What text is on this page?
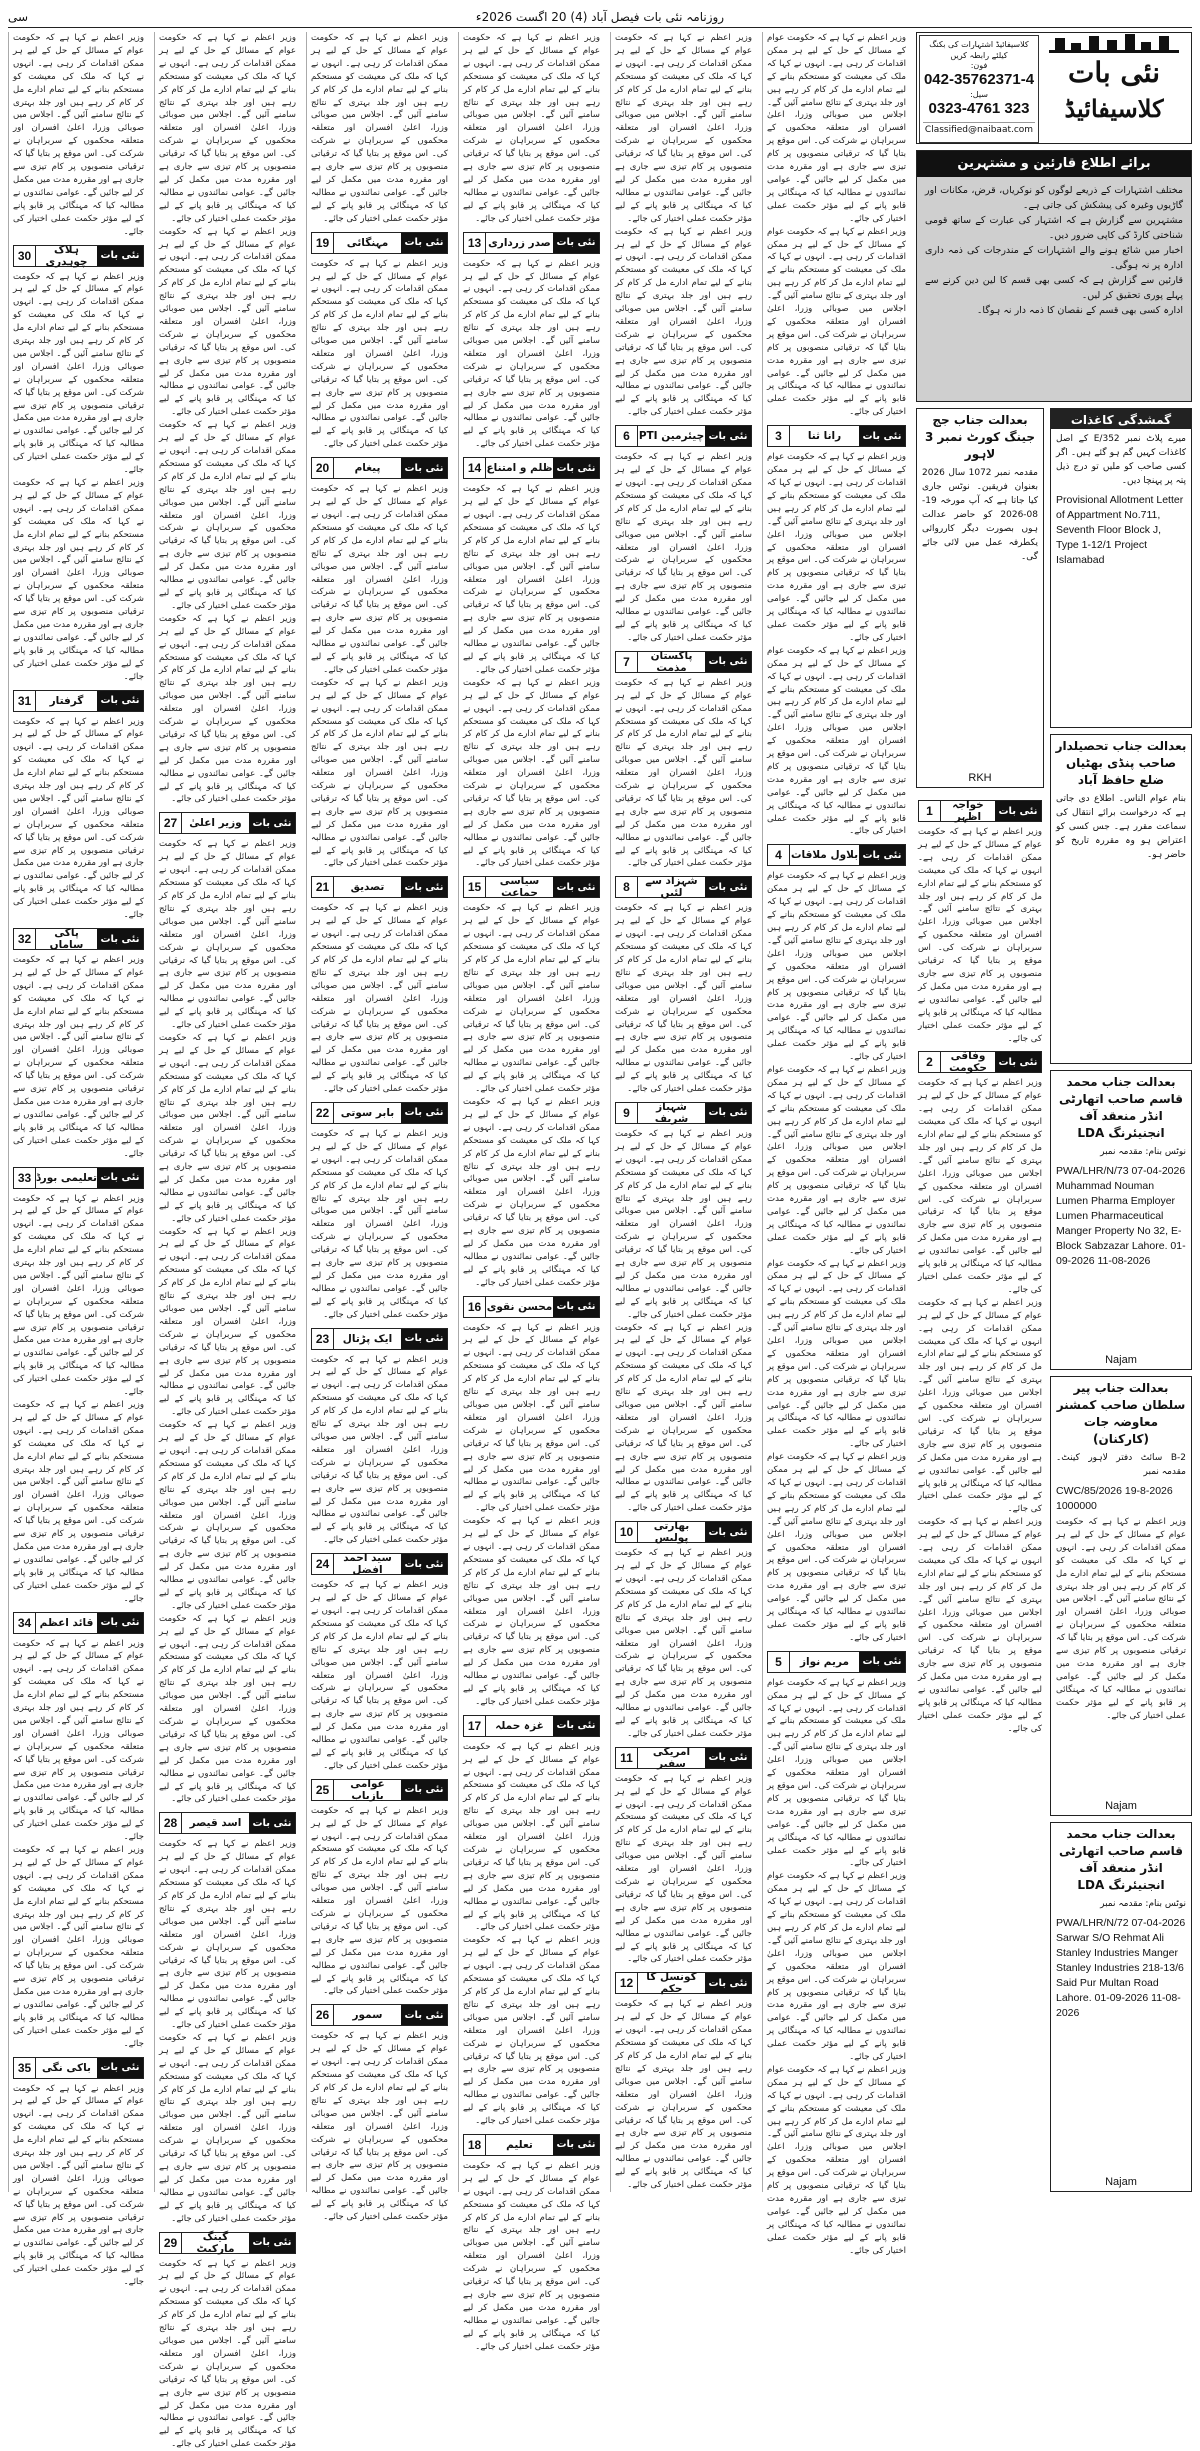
سی	روزنامہ نئی بات فیصل آباد (4) 20 اگست 2026ء
نئی بات
کلاسیفائیڈ
کلاسیفائیڈ اشتہارات کی بکنگ کیلئے رابطہ کریں
فون:
042-35762371-4
سیل:
0323-4761 323
Classified@naibaat.com
برائے اطلاع قارئین و مشتہرین
مختلف اشتہارات کے ذریعے لوگوں کو نوکریاں، قرض، مکانات اور گاڑیوں وغیرہ کی پیشکش کی جاتی ہے۔
مشتہرین سے گزارش ہے کہ اشتہار کی عبارت کے ساتھ قومی شناختی کارڈ کی کاپی ضرور دیں۔
اخبار میں شائع ہونے والے اشتہارات کے مندرجات کی ذمہ داری ادارہ پر نہ ہوگی۔
قارئین سے گزارش ہے کہ کسی بھی قسم کا لین دین کرنے سے پہلے پوری تحقیق کر لیں۔
ادارہ کسی بھی قسم کے نقصان کا ذمہ دار نہ ہوگا۔
گمشدگی کاغذات
میرے پلاٹ نمبر 352/E کے اصل کاغذات کہیں گم ہو گئے ہیں۔ اگر کسی صاحب کو ملیں تو درج ذیل پتہ پر پہنچا دیں۔
Provisional Allotment Letter of Appartment No.711, Seventh Floor Block J, Type 1-12/1 Project Islamabad
بعدالت جناب تحصیلدار صاحب پنڈی بھٹیاں ضلع حافظ آباد
بنام عوام الناس۔ اطلاع دی جاتی ہے کہ درخواست برائے انتقال کی سماعت مقرر ہے۔ جس کسی کو اعتراض ہو وہ مقررہ تاریخ کو حاضر ہو۔
بعدالت جناب محمد قاسم صاحب اتھارٹی انڈر منعقد آف انجنیئرنگ LDA
نوٹس بنام: مقدمہ نمبر
PWA/LHR/N/73 07-04-2026 Muhammad Nouman Lumen Pharma Employer Lumen Pharmaceutical Manger Property No 32, E-Block Sabzazar Lahore. 01-09-2026 11-08-2026
Najam
بعدالت جناب پیر سلطان صاحب کمشنر معاوضہ جات (کارکنان)
B-2 سائٹ دفتر لاہور کینٹ۔ مقدمہ نمبر
CWC/85/2026 19-8-2026 1000000
وزیر اعظم نے کہا ہے کہ حکومت عوام کے مسائل کے حل کے لیے ہر ممکن اقدامات کر رہی ہے۔ انہوں نے کہا کہ ملک کی معیشت کو مستحکم بنانے کے لیے تمام ادارے مل کر کام کر رہے ہیں اور جلد بہتری کے نتائج سامنے آئیں گے۔ اجلاس میں صوبائی وزرا، اعلیٰ افسران اور متعلقہ محکموں کے سربراہان نے شرکت کی۔ اس موقع پر بتایا گیا کہ ترقیاتی منصوبوں پر کام تیزی سے جاری ہے اور مقررہ مدت میں مکمل کر لیے جائیں گے۔ عوامی نمائندوں نے مطالبہ کیا کہ مہنگائی پر قابو پانے کے لیے مؤثر حکمت عملی اختیار کی جائے۔
Najam
بعدالت جناب محمد قاسم صاحب اتھارٹی انڈر منعقد آف انجنیئرنگ LDA
نوٹس بنام: مقدمہ نمبر
PWA/LHR/N/72 07-04-2026 Sarwar S/O Rehmat Ali Stanley Industries Manger Stanley Industries 218-13/6 Said Pur Multan Road Lahore. 01-09-2026 11-08-2026
Najam
بعدالت جناب جج جینگ کورٹ نمبر 3 لاہور
مقدمہ نمبر 1072 سال 2026 بعنوان فریقین۔ نوٹس جاری کیا جاتا ہے کہ آپ مورخہ 19-08-2026 کو حاضر عدالت ہوں بصورت دیگر کارروائی یکطرفہ عمل میں لائی جائے گی۔
RKH
نئی بات
خواجہ اظہر
1
وزیر اعظم نے کہا ہے کہ حکومت عوام کے مسائل کے حل کے لیے ہر ممکن اقدامات کر رہی ہے۔ انہوں نے کہا کہ ملک کی معیشت کو مستحکم بنانے کے لیے تمام ادارے مل کر کام کر رہے ہیں اور جلد بہتری کے نتائج سامنے آئیں گے۔ اجلاس میں صوبائی وزرا، اعلیٰ افسران اور متعلقہ محکموں کے سربراہان نے شرکت کی۔ اس موقع پر بتایا گیا کہ ترقیاتی منصوبوں پر کام تیزی سے جاری ہے اور مقررہ مدت میں مکمل کر لیے جائیں گے۔ عوامی نمائندوں نے مطالبہ کیا کہ مہنگائی پر قابو پانے کے لیے مؤثر حکمت عملی اختیار کی جائے۔
نئی بات
وفاقی حکومت
2
وزیر اعظم نے کہا ہے کہ حکومت عوام کے مسائل کے حل کے لیے ہر ممکن اقدامات کر رہی ہے۔ انہوں نے کہا کہ ملک کی معیشت کو مستحکم بنانے کے لیے تمام ادارے مل کر کام کر رہے ہیں اور جلد بہتری کے نتائج سامنے آئیں گے۔ اجلاس میں صوبائی وزرا، اعلیٰ افسران اور متعلقہ محکموں کے سربراہان نے شرکت کی۔ اس موقع پر بتایا گیا کہ ترقیاتی منصوبوں پر کام تیزی سے جاری ہے اور مقررہ مدت میں مکمل کر لیے جائیں گے۔ عوامی نمائندوں نے مطالبہ کیا کہ مہنگائی پر قابو پانے کے لیے مؤثر حکمت عملی اختیار کی جائے۔
وزیر اعظم نے کہا ہے کہ حکومت عوام کے مسائل کے حل کے لیے ہر ممکن اقدامات کر رہی ہے۔ انہوں نے کہا کہ ملک کی معیشت کو مستحکم بنانے کے لیے تمام ادارے مل کر کام کر رہے ہیں اور جلد بہتری کے نتائج سامنے آئیں گے۔ اجلاس میں صوبائی وزرا، اعلیٰ افسران اور متعلقہ محکموں کے سربراہان نے شرکت کی۔ اس موقع پر بتایا گیا کہ ترقیاتی منصوبوں پر کام تیزی سے جاری ہے اور مقررہ مدت میں مکمل کر لیے جائیں گے۔ عوامی نمائندوں نے مطالبہ کیا کہ مہنگائی پر قابو پانے کے لیے مؤثر حکمت عملی اختیار کی جائے۔
وزیر اعظم نے کہا ہے کہ حکومت عوام کے مسائل کے حل کے لیے ہر ممکن اقدامات کر رہی ہے۔ انہوں نے کہا کہ ملک کی معیشت کو مستحکم بنانے کے لیے تمام ادارے مل کر کام کر رہے ہیں اور جلد بہتری کے نتائج سامنے آئیں گے۔ اجلاس میں صوبائی وزرا، اعلیٰ افسران اور متعلقہ محکموں کے سربراہان نے شرکت کی۔ اس موقع پر بتایا گیا کہ ترقیاتی منصوبوں پر کام تیزی سے جاری ہے اور مقررہ مدت میں مکمل کر لیے جائیں گے۔ عوامی نمائندوں نے مطالبہ کیا کہ مہنگائی پر قابو پانے کے لیے مؤثر حکمت عملی اختیار کی جائے۔
وزیر اعظم نے کہا ہے کہ حکومت عوام کے مسائل کے حل کے لیے ہر ممکن اقدامات کر رہی ہے۔ انہوں نے کہا کہ ملک کی معیشت کو مستحکم بنانے کے لیے تمام ادارے مل کر کام کر رہے ہیں اور جلد بہتری کے نتائج سامنے آئیں گے۔ اجلاس میں صوبائی وزرا، اعلیٰ افسران اور متعلقہ محکموں کے سربراہان نے شرکت کی۔ اس موقع پر بتایا گیا کہ ترقیاتی منصوبوں پر کام تیزی سے جاری ہے اور مقررہ مدت میں مکمل کر لیے جائیں گے۔ عوامی نمائندوں نے مطالبہ کیا کہ مہنگائی پر قابو پانے کے لیے مؤثر حکمت عملی اختیار کی جائے۔
وزیر اعظم نے کہا ہے کہ حکومت عوام کے مسائل کے حل کے لیے ہر ممکن اقدامات کر رہی ہے۔ انہوں نے کہا کہ ملک کی معیشت کو مستحکم بنانے کے لیے تمام ادارے مل کر کام کر رہے ہیں اور جلد بہتری کے نتائج سامنے آئیں گے۔ اجلاس میں صوبائی وزرا، اعلیٰ افسران اور متعلقہ محکموں کے سربراہان نے شرکت کی۔ اس موقع پر بتایا گیا کہ ترقیاتی منصوبوں پر کام تیزی سے جاری ہے اور مقررہ مدت میں مکمل کر لیے جائیں گے۔ عوامی نمائندوں نے مطالبہ کیا کہ مہنگائی پر قابو پانے کے لیے مؤثر حکمت عملی اختیار کی جائے۔
نئی بات
رانا ثنا
3
وزیر اعظم نے کہا ہے کہ حکومت عوام کے مسائل کے حل کے لیے ہر ممکن اقدامات کر رہی ہے۔ انہوں نے کہا کہ ملک کی معیشت کو مستحکم بنانے کے لیے تمام ادارے مل کر کام کر رہے ہیں اور جلد بہتری کے نتائج سامنے آئیں گے۔ اجلاس میں صوبائی وزرا، اعلیٰ افسران اور متعلقہ محکموں کے سربراہان نے شرکت کی۔ اس موقع پر بتایا گیا کہ ترقیاتی منصوبوں پر کام تیزی سے جاری ہے اور مقررہ مدت میں مکمل کر لیے جائیں گے۔ عوامی نمائندوں نے مطالبہ کیا کہ مہنگائی پر قابو پانے کے لیے مؤثر حکمت عملی اختیار کی جائے۔
وزیر اعظم نے کہا ہے کہ حکومت عوام کے مسائل کے حل کے لیے ہر ممکن اقدامات کر رہی ہے۔ انہوں نے کہا کہ ملک کی معیشت کو مستحکم بنانے کے لیے تمام ادارے مل کر کام کر رہے ہیں اور جلد بہتری کے نتائج سامنے آئیں گے۔ اجلاس میں صوبائی وزرا، اعلیٰ افسران اور متعلقہ محکموں کے سربراہان نے شرکت کی۔ اس موقع پر بتایا گیا کہ ترقیاتی منصوبوں پر کام تیزی سے جاری ہے اور مقررہ مدت میں مکمل کر لیے جائیں گے۔ عوامی نمائندوں نے مطالبہ کیا کہ مہنگائی پر قابو پانے کے لیے مؤثر حکمت عملی اختیار کی جائے۔
نئی بات
بلاول ملاقات
4
وزیر اعظم نے کہا ہے کہ حکومت عوام کے مسائل کے حل کے لیے ہر ممکن اقدامات کر رہی ہے۔ انہوں نے کہا کہ ملک کی معیشت کو مستحکم بنانے کے لیے تمام ادارے مل کر کام کر رہے ہیں اور جلد بہتری کے نتائج سامنے آئیں گے۔ اجلاس میں صوبائی وزرا، اعلیٰ افسران اور متعلقہ محکموں کے سربراہان نے شرکت کی۔ اس موقع پر بتایا گیا کہ ترقیاتی منصوبوں پر کام تیزی سے جاری ہے اور مقررہ مدت میں مکمل کر لیے جائیں گے۔ عوامی نمائندوں نے مطالبہ کیا کہ مہنگائی پر قابو پانے کے لیے مؤثر حکمت عملی اختیار کی جائے۔
وزیر اعظم نے کہا ہے کہ حکومت عوام کے مسائل کے حل کے لیے ہر ممکن اقدامات کر رہی ہے۔ انہوں نے کہا کہ ملک کی معیشت کو مستحکم بنانے کے لیے تمام ادارے مل کر کام کر رہے ہیں اور جلد بہتری کے نتائج سامنے آئیں گے۔ اجلاس میں صوبائی وزرا، اعلیٰ افسران اور متعلقہ محکموں کے سربراہان نے شرکت کی۔ اس موقع پر بتایا گیا کہ ترقیاتی منصوبوں پر کام تیزی سے جاری ہے اور مقررہ مدت میں مکمل کر لیے جائیں گے۔ عوامی نمائندوں نے مطالبہ کیا کہ مہنگائی پر قابو پانے کے لیے مؤثر حکمت عملی اختیار کی جائے۔
وزیر اعظم نے کہا ہے کہ حکومت عوام کے مسائل کے حل کے لیے ہر ممکن اقدامات کر رہی ہے۔ انہوں نے کہا کہ ملک کی معیشت کو مستحکم بنانے کے لیے تمام ادارے مل کر کام کر رہے ہیں اور جلد بہتری کے نتائج سامنے آئیں گے۔ اجلاس میں صوبائی وزرا، اعلیٰ افسران اور متعلقہ محکموں کے سربراہان نے شرکت کی۔ اس موقع پر بتایا گیا کہ ترقیاتی منصوبوں پر کام تیزی سے جاری ہے اور مقررہ مدت میں مکمل کر لیے جائیں گے۔ عوامی نمائندوں نے مطالبہ کیا کہ مہنگائی پر قابو پانے کے لیے مؤثر حکمت عملی اختیار کی جائے۔
وزیر اعظم نے کہا ہے کہ حکومت عوام کے مسائل کے حل کے لیے ہر ممکن اقدامات کر رہی ہے۔ انہوں نے کہا کہ ملک کی معیشت کو مستحکم بنانے کے لیے تمام ادارے مل کر کام کر رہے ہیں اور جلد بہتری کے نتائج سامنے آئیں گے۔ اجلاس میں صوبائی وزرا، اعلیٰ افسران اور متعلقہ محکموں کے سربراہان نے شرکت کی۔ اس موقع پر بتایا گیا کہ ترقیاتی منصوبوں پر کام تیزی سے جاری ہے اور مقررہ مدت میں مکمل کر لیے جائیں گے۔ عوامی نمائندوں نے مطالبہ کیا کہ مہنگائی پر قابو پانے کے لیے مؤثر حکمت عملی اختیار کی جائے۔
نئی بات
مریم نواز
5
وزیر اعظم نے کہا ہے کہ حکومت عوام کے مسائل کے حل کے لیے ہر ممکن اقدامات کر رہی ہے۔ انہوں نے کہا کہ ملک کی معیشت کو مستحکم بنانے کے لیے تمام ادارے مل کر کام کر رہے ہیں اور جلد بہتری کے نتائج سامنے آئیں گے۔ اجلاس میں صوبائی وزرا، اعلیٰ افسران اور متعلقہ محکموں کے سربراہان نے شرکت کی۔ اس موقع پر بتایا گیا کہ ترقیاتی منصوبوں پر کام تیزی سے جاری ہے اور مقررہ مدت میں مکمل کر لیے جائیں گے۔ عوامی نمائندوں نے مطالبہ کیا کہ مہنگائی پر قابو پانے کے لیے مؤثر حکمت عملی اختیار کی جائے۔
وزیر اعظم نے کہا ہے کہ حکومت عوام کے مسائل کے حل کے لیے ہر ممکن اقدامات کر رہی ہے۔ انہوں نے کہا کہ ملک کی معیشت کو مستحکم بنانے کے لیے تمام ادارے مل کر کام کر رہے ہیں اور جلد بہتری کے نتائج سامنے آئیں گے۔ اجلاس میں صوبائی وزرا، اعلیٰ افسران اور متعلقہ محکموں کے سربراہان نے شرکت کی۔ اس موقع پر بتایا گیا کہ ترقیاتی منصوبوں پر کام تیزی سے جاری ہے اور مقررہ مدت میں مکمل کر لیے جائیں گے۔ عوامی نمائندوں نے مطالبہ کیا کہ مہنگائی پر قابو پانے کے لیے مؤثر حکمت عملی اختیار کی جائے۔
وزیر اعظم نے کہا ہے کہ حکومت عوام کے مسائل کے حل کے لیے ہر ممکن اقدامات کر رہی ہے۔ انہوں نے کہا کہ ملک کی معیشت کو مستحکم بنانے کے لیے تمام ادارے مل کر کام کر رہے ہیں اور جلد بہتری کے نتائج سامنے آئیں گے۔ اجلاس میں صوبائی وزرا، اعلیٰ افسران اور متعلقہ محکموں کے سربراہان نے شرکت کی۔ اس موقع پر بتایا گیا کہ ترقیاتی منصوبوں پر کام تیزی سے جاری ہے اور مقررہ مدت میں مکمل کر لیے جائیں گے۔ عوامی نمائندوں نے مطالبہ کیا کہ مہنگائی پر قابو پانے کے لیے مؤثر حکمت عملی اختیار کی جائے۔
وزیر اعظم نے کہا ہے کہ حکومت عوام کے مسائل کے حل کے لیے ہر ممکن اقدامات کر رہی ہے۔ انہوں نے کہا کہ ملک کی معیشت کو مستحکم بنانے کے لیے تمام ادارے مل کر کام کر رہے ہیں اور جلد بہتری کے نتائج سامنے آئیں گے۔ اجلاس میں صوبائی وزرا، اعلیٰ افسران اور متعلقہ محکموں کے سربراہان نے شرکت کی۔ اس موقع پر بتایا گیا کہ ترقیاتی منصوبوں پر کام تیزی سے جاری ہے اور مقررہ مدت میں مکمل کر لیے جائیں گے۔ عوامی نمائندوں نے مطالبہ کیا کہ مہنگائی پر قابو پانے کے لیے مؤثر حکمت عملی اختیار کی جائے۔
وزیر اعظم نے کہا ہے کہ حکومت عوام کے مسائل کے حل کے لیے ہر ممکن اقدامات کر رہی ہے۔ انہوں نے کہا کہ ملک کی معیشت کو مستحکم بنانے کے لیے تمام ادارے مل کر کام کر رہے ہیں اور جلد بہتری کے نتائج سامنے آئیں گے۔ اجلاس میں صوبائی وزرا، اعلیٰ افسران اور متعلقہ محکموں کے سربراہان نے شرکت کی۔ اس موقع پر بتایا گیا کہ ترقیاتی منصوبوں پر کام تیزی سے جاری ہے اور مقررہ مدت میں مکمل کر لیے جائیں گے۔ عوامی نمائندوں نے مطالبہ کیا کہ مہنگائی پر قابو پانے کے لیے مؤثر حکمت عملی اختیار کی جائے۔
نئی بات
چیئرمین PTI
6
وزیر اعظم نے کہا ہے کہ حکومت عوام کے مسائل کے حل کے لیے ہر ممکن اقدامات کر رہی ہے۔ انہوں نے کہا کہ ملک کی معیشت کو مستحکم بنانے کے لیے تمام ادارے مل کر کام کر رہے ہیں اور جلد بہتری کے نتائج سامنے آئیں گے۔ اجلاس میں صوبائی وزرا، اعلیٰ افسران اور متعلقہ محکموں کے سربراہان نے شرکت کی۔ اس موقع پر بتایا گیا کہ ترقیاتی منصوبوں پر کام تیزی سے جاری ہے اور مقررہ مدت میں مکمل کر لیے جائیں گے۔ عوامی نمائندوں نے مطالبہ کیا کہ مہنگائی پر قابو پانے کے لیے مؤثر حکمت عملی اختیار کی جائے۔
نئی بات
پاکستان مذمت
7
وزیر اعظم نے کہا ہے کہ حکومت عوام کے مسائل کے حل کے لیے ہر ممکن اقدامات کر رہی ہے۔ انہوں نے کہا کہ ملک کی معیشت کو مستحکم بنانے کے لیے تمام ادارے مل کر کام کر رہے ہیں اور جلد بہتری کے نتائج سامنے آئیں گے۔ اجلاس میں صوبائی وزرا، اعلیٰ افسران اور متعلقہ محکموں کے سربراہان نے شرکت کی۔ اس موقع پر بتایا گیا کہ ترقیاتی منصوبوں پر کام تیزی سے جاری ہے اور مقررہ مدت میں مکمل کر لیے جائیں گے۔ عوامی نمائندوں نے مطالبہ کیا کہ مہنگائی پر قابو پانے کے لیے مؤثر حکمت عملی اختیار کی جائے۔
نئی بات
شہزاد سے لئیں
8
وزیر اعظم نے کہا ہے کہ حکومت عوام کے مسائل کے حل کے لیے ہر ممکن اقدامات کر رہی ہے۔ انہوں نے کہا کہ ملک کی معیشت کو مستحکم بنانے کے لیے تمام ادارے مل کر کام کر رہے ہیں اور جلد بہتری کے نتائج سامنے آئیں گے۔ اجلاس میں صوبائی وزرا، اعلیٰ افسران اور متعلقہ محکموں کے سربراہان نے شرکت کی۔ اس موقع پر بتایا گیا کہ ترقیاتی منصوبوں پر کام تیزی سے جاری ہے اور مقررہ مدت میں مکمل کر لیے جائیں گے۔ عوامی نمائندوں نے مطالبہ کیا کہ مہنگائی پر قابو پانے کے لیے مؤثر حکمت عملی اختیار کی جائے۔
نئی بات
شہباز شریف
9
وزیر اعظم نے کہا ہے کہ حکومت عوام کے مسائل کے حل کے لیے ہر ممکن اقدامات کر رہی ہے۔ انہوں نے کہا کہ ملک کی معیشت کو مستحکم بنانے کے لیے تمام ادارے مل کر کام کر رہے ہیں اور جلد بہتری کے نتائج سامنے آئیں گے۔ اجلاس میں صوبائی وزرا، اعلیٰ افسران اور متعلقہ محکموں کے سربراہان نے شرکت کی۔ اس موقع پر بتایا گیا کہ ترقیاتی منصوبوں پر کام تیزی سے جاری ہے اور مقررہ مدت میں مکمل کر لیے جائیں گے۔ عوامی نمائندوں نے مطالبہ کیا کہ مہنگائی پر قابو پانے کے لیے مؤثر حکمت عملی اختیار کی جائے۔
وزیر اعظم نے کہا ہے کہ حکومت عوام کے مسائل کے حل کے لیے ہر ممکن اقدامات کر رہی ہے۔ انہوں نے کہا کہ ملک کی معیشت کو مستحکم بنانے کے لیے تمام ادارے مل کر کام کر رہے ہیں اور جلد بہتری کے نتائج سامنے آئیں گے۔ اجلاس میں صوبائی وزرا، اعلیٰ افسران اور متعلقہ محکموں کے سربراہان نے شرکت کی۔ اس موقع پر بتایا گیا کہ ترقیاتی منصوبوں پر کام تیزی سے جاری ہے اور مقررہ مدت میں مکمل کر لیے جائیں گے۔ عوامی نمائندوں نے مطالبہ کیا کہ مہنگائی پر قابو پانے کے لیے مؤثر حکمت عملی اختیار کی جائے۔
نئی بات
بھارتی پولیس
10
وزیر اعظم نے کہا ہے کہ حکومت عوام کے مسائل کے حل کے لیے ہر ممکن اقدامات کر رہی ہے۔ انہوں نے کہا کہ ملک کی معیشت کو مستحکم بنانے کے لیے تمام ادارے مل کر کام کر رہے ہیں اور جلد بہتری کے نتائج سامنے آئیں گے۔ اجلاس میں صوبائی وزرا، اعلیٰ افسران اور متعلقہ محکموں کے سربراہان نے شرکت کی۔ اس موقع پر بتایا گیا کہ ترقیاتی منصوبوں پر کام تیزی سے جاری ہے اور مقررہ مدت میں مکمل کر لیے جائیں گے۔ عوامی نمائندوں نے مطالبہ کیا کہ مہنگائی پر قابو پانے کے لیے مؤثر حکمت عملی اختیار کی جائے۔
نئی بات
امریکی سفیر
11
وزیر اعظم نے کہا ہے کہ حکومت عوام کے مسائل کے حل کے لیے ہر ممکن اقدامات کر رہی ہے۔ انہوں نے کہا کہ ملک کی معیشت کو مستحکم بنانے کے لیے تمام ادارے مل کر کام کر رہے ہیں اور جلد بہتری کے نتائج سامنے آئیں گے۔ اجلاس میں صوبائی وزرا، اعلیٰ افسران اور متعلقہ محکموں کے سربراہان نے شرکت کی۔ اس موقع پر بتایا گیا کہ ترقیاتی منصوبوں پر کام تیزی سے جاری ہے اور مقررہ مدت میں مکمل کر لیے جائیں گے۔ عوامی نمائندوں نے مطالبہ کیا کہ مہنگائی پر قابو پانے کے لیے مؤثر حکمت عملی اختیار کی جائے۔
نئی بات
کونسل کا حکم
12
وزیر اعظم نے کہا ہے کہ حکومت عوام کے مسائل کے حل کے لیے ہر ممکن اقدامات کر رہی ہے۔ انہوں نے کہا کہ ملک کی معیشت کو مستحکم بنانے کے لیے تمام ادارے مل کر کام کر رہے ہیں اور جلد بہتری کے نتائج سامنے آئیں گے۔ اجلاس میں صوبائی وزرا، اعلیٰ افسران اور متعلقہ محکموں کے سربراہان نے شرکت کی۔ اس موقع پر بتایا گیا کہ ترقیاتی منصوبوں پر کام تیزی سے جاری ہے اور مقررہ مدت میں مکمل کر لیے جائیں گے۔ عوامی نمائندوں نے مطالبہ کیا کہ مہنگائی پر قابو پانے کے لیے مؤثر حکمت عملی اختیار کی جائے۔
وزیر اعظم نے کہا ہے کہ حکومت عوام کے مسائل کے حل کے لیے ہر ممکن اقدامات کر رہی ہے۔ انہوں نے کہا کہ ملک کی معیشت کو مستحکم بنانے کے لیے تمام ادارے مل کر کام کر رہے ہیں اور جلد بہتری کے نتائج سامنے آئیں گے۔ اجلاس میں صوبائی وزرا، اعلیٰ افسران اور متعلقہ محکموں کے سربراہان نے شرکت کی۔ اس موقع پر بتایا گیا کہ ترقیاتی منصوبوں پر کام تیزی سے جاری ہے اور مقررہ مدت میں مکمل کر لیے جائیں گے۔ عوامی نمائندوں نے مطالبہ کیا کہ مہنگائی پر قابو پانے کے لیے مؤثر حکمت عملی اختیار کی جائے۔
نئی بات
صدر زرداری
13
وزیر اعظم نے کہا ہے کہ حکومت عوام کے مسائل کے حل کے لیے ہر ممکن اقدامات کر رہی ہے۔ انہوں نے کہا کہ ملک کی معیشت کو مستحکم بنانے کے لیے تمام ادارے مل کر کام کر رہے ہیں اور جلد بہتری کے نتائج سامنے آئیں گے۔ اجلاس میں صوبائی وزرا، اعلیٰ افسران اور متعلقہ محکموں کے سربراہان نے شرکت کی۔ اس موقع پر بتایا گیا کہ ترقیاتی منصوبوں پر کام تیزی سے جاری ہے اور مقررہ مدت میں مکمل کر لیے جائیں گے۔ عوامی نمائندوں نے مطالبہ کیا کہ مہنگائی پر قابو پانے کے لیے مؤثر حکمت عملی اختیار کی جائے۔
نئی بات
ظلم و امتناع
14
وزیر اعظم نے کہا ہے کہ حکومت عوام کے مسائل کے حل کے لیے ہر ممکن اقدامات کر رہی ہے۔ انہوں نے کہا کہ ملک کی معیشت کو مستحکم بنانے کے لیے تمام ادارے مل کر کام کر رہے ہیں اور جلد بہتری کے نتائج سامنے آئیں گے۔ اجلاس میں صوبائی وزرا، اعلیٰ افسران اور متعلقہ محکموں کے سربراہان نے شرکت کی۔ اس موقع پر بتایا گیا کہ ترقیاتی منصوبوں پر کام تیزی سے جاری ہے اور مقررہ مدت میں مکمل کر لیے جائیں گے۔ عوامی نمائندوں نے مطالبہ کیا کہ مہنگائی پر قابو پانے کے لیے مؤثر حکمت عملی اختیار کی جائے۔
وزیر اعظم نے کہا ہے کہ حکومت عوام کے مسائل کے حل کے لیے ہر ممکن اقدامات کر رہی ہے۔ انہوں نے کہا کہ ملک کی معیشت کو مستحکم بنانے کے لیے تمام ادارے مل کر کام کر رہے ہیں اور جلد بہتری کے نتائج سامنے آئیں گے۔ اجلاس میں صوبائی وزرا، اعلیٰ افسران اور متعلقہ محکموں کے سربراہان نے شرکت کی۔ اس موقع پر بتایا گیا کہ ترقیاتی منصوبوں پر کام تیزی سے جاری ہے اور مقررہ مدت میں مکمل کر لیے جائیں گے۔ عوامی نمائندوں نے مطالبہ کیا کہ مہنگائی پر قابو پانے کے لیے مؤثر حکمت عملی اختیار کی جائے۔
نئی بات
سیاسی جماعت
15
وزیر اعظم نے کہا ہے کہ حکومت عوام کے مسائل کے حل کے لیے ہر ممکن اقدامات کر رہی ہے۔ انہوں نے کہا کہ ملک کی معیشت کو مستحکم بنانے کے لیے تمام ادارے مل کر کام کر رہے ہیں اور جلد بہتری کے نتائج سامنے آئیں گے۔ اجلاس میں صوبائی وزرا، اعلیٰ افسران اور متعلقہ محکموں کے سربراہان نے شرکت کی۔ اس موقع پر بتایا گیا کہ ترقیاتی منصوبوں پر کام تیزی سے جاری ہے اور مقررہ مدت میں مکمل کر لیے جائیں گے۔ عوامی نمائندوں نے مطالبہ کیا کہ مہنگائی پر قابو پانے کے لیے مؤثر حکمت عملی اختیار کی جائے۔
وزیر اعظم نے کہا ہے کہ حکومت عوام کے مسائل کے حل کے لیے ہر ممکن اقدامات کر رہی ہے۔ انہوں نے کہا کہ ملک کی معیشت کو مستحکم بنانے کے لیے تمام ادارے مل کر کام کر رہے ہیں اور جلد بہتری کے نتائج سامنے آئیں گے۔ اجلاس میں صوبائی وزرا، اعلیٰ افسران اور متعلقہ محکموں کے سربراہان نے شرکت کی۔ اس موقع پر بتایا گیا کہ ترقیاتی منصوبوں پر کام تیزی سے جاری ہے اور مقررہ مدت میں مکمل کر لیے جائیں گے۔ عوامی نمائندوں نے مطالبہ کیا کہ مہنگائی پر قابو پانے کے لیے مؤثر حکمت عملی اختیار کی جائے۔
نئی بات
محسن نقوی
16
وزیر اعظم نے کہا ہے کہ حکومت عوام کے مسائل کے حل کے لیے ہر ممکن اقدامات کر رہی ہے۔ انہوں نے کہا کہ ملک کی معیشت کو مستحکم بنانے کے لیے تمام ادارے مل کر کام کر رہے ہیں اور جلد بہتری کے نتائج سامنے آئیں گے۔ اجلاس میں صوبائی وزرا، اعلیٰ افسران اور متعلقہ محکموں کے سربراہان نے شرکت کی۔ اس موقع پر بتایا گیا کہ ترقیاتی منصوبوں پر کام تیزی سے جاری ہے اور مقررہ مدت میں مکمل کر لیے جائیں گے۔ عوامی نمائندوں نے مطالبہ کیا کہ مہنگائی پر قابو پانے کے لیے مؤثر حکمت عملی اختیار کی جائے۔
وزیر اعظم نے کہا ہے کہ حکومت عوام کے مسائل کے حل کے لیے ہر ممکن اقدامات کر رہی ہے۔ انہوں نے کہا کہ ملک کی معیشت کو مستحکم بنانے کے لیے تمام ادارے مل کر کام کر رہے ہیں اور جلد بہتری کے نتائج سامنے آئیں گے۔ اجلاس میں صوبائی وزرا، اعلیٰ افسران اور متعلقہ محکموں کے سربراہان نے شرکت کی۔ اس موقع پر بتایا گیا کہ ترقیاتی منصوبوں پر کام تیزی سے جاری ہے اور مقررہ مدت میں مکمل کر لیے جائیں گے۔ عوامی نمائندوں نے مطالبہ کیا کہ مہنگائی پر قابو پانے کے لیے مؤثر حکمت عملی اختیار کی جائے۔
نئی بات
غزہ حملہ
17
وزیر اعظم نے کہا ہے کہ حکومت عوام کے مسائل کے حل کے لیے ہر ممکن اقدامات کر رہی ہے۔ انہوں نے کہا کہ ملک کی معیشت کو مستحکم بنانے کے لیے تمام ادارے مل کر کام کر رہے ہیں اور جلد بہتری کے نتائج سامنے آئیں گے۔ اجلاس میں صوبائی وزرا، اعلیٰ افسران اور متعلقہ محکموں کے سربراہان نے شرکت کی۔ اس موقع پر بتایا گیا کہ ترقیاتی منصوبوں پر کام تیزی سے جاری ہے اور مقررہ مدت میں مکمل کر لیے جائیں گے۔ عوامی نمائندوں نے مطالبہ کیا کہ مہنگائی پر قابو پانے کے لیے مؤثر حکمت عملی اختیار کی جائے۔
وزیر اعظم نے کہا ہے کہ حکومت عوام کے مسائل کے حل کے لیے ہر ممکن اقدامات کر رہی ہے۔ انہوں نے کہا کہ ملک کی معیشت کو مستحکم بنانے کے لیے تمام ادارے مل کر کام کر رہے ہیں اور جلد بہتری کے نتائج سامنے آئیں گے۔ اجلاس میں صوبائی وزرا، اعلیٰ افسران اور متعلقہ محکموں کے سربراہان نے شرکت کی۔ اس موقع پر بتایا گیا کہ ترقیاتی منصوبوں پر کام تیزی سے جاری ہے اور مقررہ مدت میں مکمل کر لیے جائیں گے۔ عوامی نمائندوں نے مطالبہ کیا کہ مہنگائی پر قابو پانے کے لیے مؤثر حکمت عملی اختیار کی جائے۔
نئی بات
تعلیم
18
وزیر اعظم نے کہا ہے کہ حکومت عوام کے مسائل کے حل کے لیے ہر ممکن اقدامات کر رہی ہے۔ انہوں نے کہا کہ ملک کی معیشت کو مستحکم بنانے کے لیے تمام ادارے مل کر کام کر رہے ہیں اور جلد بہتری کے نتائج سامنے آئیں گے۔ اجلاس میں صوبائی وزرا، اعلیٰ افسران اور متعلقہ محکموں کے سربراہان نے شرکت کی۔ اس موقع پر بتایا گیا کہ ترقیاتی منصوبوں پر کام تیزی سے جاری ہے اور مقررہ مدت میں مکمل کر لیے جائیں گے۔ عوامی نمائندوں نے مطالبہ کیا کہ مہنگائی پر قابو پانے کے لیے مؤثر حکمت عملی اختیار کی جائے۔
وزیر اعظم نے کہا ہے کہ حکومت عوام کے مسائل کے حل کے لیے ہر ممکن اقدامات کر رہی ہے۔ انہوں نے کہا کہ ملک کی معیشت کو مستحکم بنانے کے لیے تمام ادارے مل کر کام کر رہے ہیں اور جلد بہتری کے نتائج سامنے آئیں گے۔ اجلاس میں صوبائی وزرا، اعلیٰ افسران اور متعلقہ محکموں کے سربراہان نے شرکت کی۔ اس موقع پر بتایا گیا کہ ترقیاتی منصوبوں پر کام تیزی سے جاری ہے اور مقررہ مدت میں مکمل کر لیے جائیں گے۔ عوامی نمائندوں نے مطالبہ کیا کہ مہنگائی پر قابو پانے کے لیے مؤثر حکمت عملی اختیار کی جائے۔
نئی بات
مہنگائی
19
وزیر اعظم نے کہا ہے کہ حکومت عوام کے مسائل کے حل کے لیے ہر ممکن اقدامات کر رہی ہے۔ انہوں نے کہا کہ ملک کی معیشت کو مستحکم بنانے کے لیے تمام ادارے مل کر کام کر رہے ہیں اور جلد بہتری کے نتائج سامنے آئیں گے۔ اجلاس میں صوبائی وزرا، اعلیٰ افسران اور متعلقہ محکموں کے سربراہان نے شرکت کی۔ اس موقع پر بتایا گیا کہ ترقیاتی منصوبوں پر کام تیزی سے جاری ہے اور مقررہ مدت میں مکمل کر لیے جائیں گے۔ عوامی نمائندوں نے مطالبہ کیا کہ مہنگائی پر قابو پانے کے لیے مؤثر حکمت عملی اختیار کی جائے۔
نئی بات
پیغام
20
وزیر اعظم نے کہا ہے کہ حکومت عوام کے مسائل کے حل کے لیے ہر ممکن اقدامات کر رہی ہے۔ انہوں نے کہا کہ ملک کی معیشت کو مستحکم بنانے کے لیے تمام ادارے مل کر کام کر رہے ہیں اور جلد بہتری کے نتائج سامنے آئیں گے۔ اجلاس میں صوبائی وزرا، اعلیٰ افسران اور متعلقہ محکموں کے سربراہان نے شرکت کی۔ اس موقع پر بتایا گیا کہ ترقیاتی منصوبوں پر کام تیزی سے جاری ہے اور مقررہ مدت میں مکمل کر لیے جائیں گے۔ عوامی نمائندوں نے مطالبہ کیا کہ مہنگائی پر قابو پانے کے لیے مؤثر حکمت عملی اختیار کی جائے۔
وزیر اعظم نے کہا ہے کہ حکومت عوام کے مسائل کے حل کے لیے ہر ممکن اقدامات کر رہی ہے۔ انہوں نے کہا کہ ملک کی معیشت کو مستحکم بنانے کے لیے تمام ادارے مل کر کام کر رہے ہیں اور جلد بہتری کے نتائج سامنے آئیں گے۔ اجلاس میں صوبائی وزرا، اعلیٰ افسران اور متعلقہ محکموں کے سربراہان نے شرکت کی۔ اس موقع پر بتایا گیا کہ ترقیاتی منصوبوں پر کام تیزی سے جاری ہے اور مقررہ مدت میں مکمل کر لیے جائیں گے۔ عوامی نمائندوں نے مطالبہ کیا کہ مہنگائی پر قابو پانے کے لیے مؤثر حکمت عملی اختیار کی جائے۔
نئی بات
تصدیق
21
وزیر اعظم نے کہا ہے کہ حکومت عوام کے مسائل کے حل کے لیے ہر ممکن اقدامات کر رہی ہے۔ انہوں نے کہا کہ ملک کی معیشت کو مستحکم بنانے کے لیے تمام ادارے مل کر کام کر رہے ہیں اور جلد بہتری کے نتائج سامنے آئیں گے۔ اجلاس میں صوبائی وزرا، اعلیٰ افسران اور متعلقہ محکموں کے سربراہان نے شرکت کی۔ اس موقع پر بتایا گیا کہ ترقیاتی منصوبوں پر کام تیزی سے جاری ہے اور مقررہ مدت میں مکمل کر لیے جائیں گے۔ عوامی نمائندوں نے مطالبہ کیا کہ مہنگائی پر قابو پانے کے لیے مؤثر حکمت عملی اختیار کی جائے۔
نئی بات
بابر سوتی
22
وزیر اعظم نے کہا ہے کہ حکومت عوام کے مسائل کے حل کے لیے ہر ممکن اقدامات کر رہی ہے۔ انہوں نے کہا کہ ملک کی معیشت کو مستحکم بنانے کے لیے تمام ادارے مل کر کام کر رہے ہیں اور جلد بہتری کے نتائج سامنے آئیں گے۔ اجلاس میں صوبائی وزرا، اعلیٰ افسران اور متعلقہ محکموں کے سربراہان نے شرکت کی۔ اس موقع پر بتایا گیا کہ ترقیاتی منصوبوں پر کام تیزی سے جاری ہے اور مقررہ مدت میں مکمل کر لیے جائیں گے۔ عوامی نمائندوں نے مطالبہ کیا کہ مہنگائی پر قابو پانے کے لیے مؤثر حکمت عملی اختیار کی جائے۔
نئی بات
ایک پڑتال
23
وزیر اعظم نے کہا ہے کہ حکومت عوام کے مسائل کے حل کے لیے ہر ممکن اقدامات کر رہی ہے۔ انہوں نے کہا کہ ملک کی معیشت کو مستحکم بنانے کے لیے تمام ادارے مل کر کام کر رہے ہیں اور جلد بہتری کے نتائج سامنے آئیں گے۔ اجلاس میں صوبائی وزرا، اعلیٰ افسران اور متعلقہ محکموں کے سربراہان نے شرکت کی۔ اس موقع پر بتایا گیا کہ ترقیاتی منصوبوں پر کام تیزی سے جاری ہے اور مقررہ مدت میں مکمل کر لیے جائیں گے۔ عوامی نمائندوں نے مطالبہ کیا کہ مہنگائی پر قابو پانے کے لیے مؤثر حکمت عملی اختیار کی جائے۔
نئی بات
سید احمد افضل
24
وزیر اعظم نے کہا ہے کہ حکومت عوام کے مسائل کے حل کے لیے ہر ممکن اقدامات کر رہی ہے۔ انہوں نے کہا کہ ملک کی معیشت کو مستحکم بنانے کے لیے تمام ادارے مل کر کام کر رہے ہیں اور جلد بہتری کے نتائج سامنے آئیں گے۔ اجلاس میں صوبائی وزرا، اعلیٰ افسران اور متعلقہ محکموں کے سربراہان نے شرکت کی۔ اس موقع پر بتایا گیا کہ ترقیاتی منصوبوں پر کام تیزی سے جاری ہے اور مقررہ مدت میں مکمل کر لیے جائیں گے۔ عوامی نمائندوں نے مطالبہ کیا کہ مہنگائی پر قابو پانے کے لیے مؤثر حکمت عملی اختیار کی جائے۔
نئی بات
عوامی بازیاب
25
وزیر اعظم نے کہا ہے کہ حکومت عوام کے مسائل کے حل کے لیے ہر ممکن اقدامات کر رہی ہے۔ انہوں نے کہا کہ ملک کی معیشت کو مستحکم بنانے کے لیے تمام ادارے مل کر کام کر رہے ہیں اور جلد بہتری کے نتائج سامنے آئیں گے۔ اجلاس میں صوبائی وزرا، اعلیٰ افسران اور متعلقہ محکموں کے سربراہان نے شرکت کی۔ اس موقع پر بتایا گیا کہ ترقیاتی منصوبوں پر کام تیزی سے جاری ہے اور مقررہ مدت میں مکمل کر لیے جائیں گے۔ عوامی نمائندوں نے مطالبہ کیا کہ مہنگائی پر قابو پانے کے لیے مؤثر حکمت عملی اختیار کی جائے۔
نئی بات
سمور
26
وزیر اعظم نے کہا ہے کہ حکومت عوام کے مسائل کے حل کے لیے ہر ممکن اقدامات کر رہی ہے۔ انہوں نے کہا کہ ملک کی معیشت کو مستحکم بنانے کے لیے تمام ادارے مل کر کام کر رہے ہیں اور جلد بہتری کے نتائج سامنے آئیں گے۔ اجلاس میں صوبائی وزرا، اعلیٰ افسران اور متعلقہ محکموں کے سربراہان نے شرکت کی۔ اس موقع پر بتایا گیا کہ ترقیاتی منصوبوں پر کام تیزی سے جاری ہے اور مقررہ مدت میں مکمل کر لیے جائیں گے۔ عوامی نمائندوں نے مطالبہ کیا کہ مہنگائی پر قابو پانے کے لیے مؤثر حکمت عملی اختیار کی جائے۔
وزیر اعظم نے کہا ہے کہ حکومت عوام کے مسائل کے حل کے لیے ہر ممکن اقدامات کر رہی ہے۔ انہوں نے کہا کہ ملک کی معیشت کو مستحکم بنانے کے لیے تمام ادارے مل کر کام کر رہے ہیں اور جلد بہتری کے نتائج سامنے آئیں گے۔ اجلاس میں صوبائی وزرا، اعلیٰ افسران اور متعلقہ محکموں کے سربراہان نے شرکت کی۔ اس موقع پر بتایا گیا کہ ترقیاتی منصوبوں پر کام تیزی سے جاری ہے اور مقررہ مدت میں مکمل کر لیے جائیں گے۔ عوامی نمائندوں نے مطالبہ کیا کہ مہنگائی پر قابو پانے کے لیے مؤثر حکمت عملی اختیار کی جائے۔
وزیر اعظم نے کہا ہے کہ حکومت عوام کے مسائل کے حل کے لیے ہر ممکن اقدامات کر رہی ہے۔ انہوں نے کہا کہ ملک کی معیشت کو مستحکم بنانے کے لیے تمام ادارے مل کر کام کر رہے ہیں اور جلد بہتری کے نتائج سامنے آئیں گے۔ اجلاس میں صوبائی وزرا، اعلیٰ افسران اور متعلقہ محکموں کے سربراہان نے شرکت کی۔ اس موقع پر بتایا گیا کہ ترقیاتی منصوبوں پر کام تیزی سے جاری ہے اور مقررہ مدت میں مکمل کر لیے جائیں گے۔ عوامی نمائندوں نے مطالبہ کیا کہ مہنگائی پر قابو پانے کے لیے مؤثر حکمت عملی اختیار کی جائے۔
وزیر اعظم نے کہا ہے کہ حکومت عوام کے مسائل کے حل کے لیے ہر ممکن اقدامات کر رہی ہے۔ انہوں نے کہا کہ ملک کی معیشت کو مستحکم بنانے کے لیے تمام ادارے مل کر کام کر رہے ہیں اور جلد بہتری کے نتائج سامنے آئیں گے۔ اجلاس میں صوبائی وزرا، اعلیٰ افسران اور متعلقہ محکموں کے سربراہان نے شرکت کی۔ اس موقع پر بتایا گیا کہ ترقیاتی منصوبوں پر کام تیزی سے جاری ہے اور مقررہ مدت میں مکمل کر لیے جائیں گے۔ عوامی نمائندوں نے مطالبہ کیا کہ مہنگائی پر قابو پانے کے لیے مؤثر حکمت عملی اختیار کی جائے۔
وزیر اعظم نے کہا ہے کہ حکومت عوام کے مسائل کے حل کے لیے ہر ممکن اقدامات کر رہی ہے۔ انہوں نے کہا کہ ملک کی معیشت کو مستحکم بنانے کے لیے تمام ادارے مل کر کام کر رہے ہیں اور جلد بہتری کے نتائج سامنے آئیں گے۔ اجلاس میں صوبائی وزرا، اعلیٰ افسران اور متعلقہ محکموں کے سربراہان نے شرکت کی۔ اس موقع پر بتایا گیا کہ ترقیاتی منصوبوں پر کام تیزی سے جاری ہے اور مقررہ مدت میں مکمل کر لیے جائیں گے۔ عوامی نمائندوں نے مطالبہ کیا کہ مہنگائی پر قابو پانے کے لیے مؤثر حکمت عملی اختیار کی جائے۔
نئی بات
وزیر اعلیٰ
27
وزیر اعظم نے کہا ہے کہ حکومت عوام کے مسائل کے حل کے لیے ہر ممکن اقدامات کر رہی ہے۔ انہوں نے کہا کہ ملک کی معیشت کو مستحکم بنانے کے لیے تمام ادارے مل کر کام کر رہے ہیں اور جلد بہتری کے نتائج سامنے آئیں گے۔ اجلاس میں صوبائی وزرا، اعلیٰ افسران اور متعلقہ محکموں کے سربراہان نے شرکت کی۔ اس موقع پر بتایا گیا کہ ترقیاتی منصوبوں پر کام تیزی سے جاری ہے اور مقررہ مدت میں مکمل کر لیے جائیں گے۔ عوامی نمائندوں نے مطالبہ کیا کہ مہنگائی پر قابو پانے کے لیے مؤثر حکمت عملی اختیار کی جائے۔
وزیر اعظم نے کہا ہے کہ حکومت عوام کے مسائل کے حل کے لیے ہر ممکن اقدامات کر رہی ہے۔ انہوں نے کہا کہ ملک کی معیشت کو مستحکم بنانے کے لیے تمام ادارے مل کر کام کر رہے ہیں اور جلد بہتری کے نتائج سامنے آئیں گے۔ اجلاس میں صوبائی وزرا، اعلیٰ افسران اور متعلقہ محکموں کے سربراہان نے شرکت کی۔ اس موقع پر بتایا گیا کہ ترقیاتی منصوبوں پر کام تیزی سے جاری ہے اور مقررہ مدت میں مکمل کر لیے جائیں گے۔ عوامی نمائندوں نے مطالبہ کیا کہ مہنگائی پر قابو پانے کے لیے مؤثر حکمت عملی اختیار کی جائے۔
وزیر اعظم نے کہا ہے کہ حکومت عوام کے مسائل کے حل کے لیے ہر ممکن اقدامات کر رہی ہے۔ انہوں نے کہا کہ ملک کی معیشت کو مستحکم بنانے کے لیے تمام ادارے مل کر کام کر رہے ہیں اور جلد بہتری کے نتائج سامنے آئیں گے۔ اجلاس میں صوبائی وزرا، اعلیٰ افسران اور متعلقہ محکموں کے سربراہان نے شرکت کی۔ اس موقع پر بتایا گیا کہ ترقیاتی منصوبوں پر کام تیزی سے جاری ہے اور مقررہ مدت میں مکمل کر لیے جائیں گے۔ عوامی نمائندوں نے مطالبہ کیا کہ مہنگائی پر قابو پانے کے لیے مؤثر حکمت عملی اختیار کی جائے۔
وزیر اعظم نے کہا ہے کہ حکومت عوام کے مسائل کے حل کے لیے ہر ممکن اقدامات کر رہی ہے۔ انہوں نے کہا کہ ملک کی معیشت کو مستحکم بنانے کے لیے تمام ادارے مل کر کام کر رہے ہیں اور جلد بہتری کے نتائج سامنے آئیں گے۔ اجلاس میں صوبائی وزرا، اعلیٰ افسران اور متعلقہ محکموں کے سربراہان نے شرکت کی۔ اس موقع پر بتایا گیا کہ ترقیاتی منصوبوں پر کام تیزی سے جاری ہے اور مقررہ مدت میں مکمل کر لیے جائیں گے۔ عوامی نمائندوں نے مطالبہ کیا کہ مہنگائی پر قابو پانے کے لیے مؤثر حکمت عملی اختیار کی جائے۔
وزیر اعظم نے کہا ہے کہ حکومت عوام کے مسائل کے حل کے لیے ہر ممکن اقدامات کر رہی ہے۔ انہوں نے کہا کہ ملک کی معیشت کو مستحکم بنانے کے لیے تمام ادارے مل کر کام کر رہے ہیں اور جلد بہتری کے نتائج سامنے آئیں گے۔ اجلاس میں صوبائی وزرا، اعلیٰ افسران اور متعلقہ محکموں کے سربراہان نے شرکت کی۔ اس موقع پر بتایا گیا کہ ترقیاتی منصوبوں پر کام تیزی سے جاری ہے اور مقررہ مدت میں مکمل کر لیے جائیں گے۔ عوامی نمائندوں نے مطالبہ کیا کہ مہنگائی پر قابو پانے کے لیے مؤثر حکمت عملی اختیار کی جائے۔
نئی بات
اسد قیصر
28
وزیر اعظم نے کہا ہے کہ حکومت عوام کے مسائل کے حل کے لیے ہر ممکن اقدامات کر رہی ہے۔ انہوں نے کہا کہ ملک کی معیشت کو مستحکم بنانے کے لیے تمام ادارے مل کر کام کر رہے ہیں اور جلد بہتری کے نتائج سامنے آئیں گے۔ اجلاس میں صوبائی وزرا، اعلیٰ افسران اور متعلقہ محکموں کے سربراہان نے شرکت کی۔ اس موقع پر بتایا گیا کہ ترقیاتی منصوبوں پر کام تیزی سے جاری ہے اور مقررہ مدت میں مکمل کر لیے جائیں گے۔ عوامی نمائندوں نے مطالبہ کیا کہ مہنگائی پر قابو پانے کے لیے مؤثر حکمت عملی اختیار کی جائے۔
وزیر اعظم نے کہا ہے کہ حکومت عوام کے مسائل کے حل کے لیے ہر ممکن اقدامات کر رہی ہے۔ انہوں نے کہا کہ ملک کی معیشت کو مستحکم بنانے کے لیے تمام ادارے مل کر کام کر رہے ہیں اور جلد بہتری کے نتائج سامنے آئیں گے۔ اجلاس میں صوبائی وزرا، اعلیٰ افسران اور متعلقہ محکموں کے سربراہان نے شرکت کی۔ اس موقع پر بتایا گیا کہ ترقیاتی منصوبوں پر کام تیزی سے جاری ہے اور مقررہ مدت میں مکمل کر لیے جائیں گے۔ عوامی نمائندوں نے مطالبہ کیا کہ مہنگائی پر قابو پانے کے لیے مؤثر حکمت عملی اختیار کی جائے۔
نئی بات
گینگ مارکیٹ
29
وزیر اعظم نے کہا ہے کہ حکومت عوام کے مسائل کے حل کے لیے ہر ممکن اقدامات کر رہی ہے۔ انہوں نے کہا کہ ملک کی معیشت کو مستحکم بنانے کے لیے تمام ادارے مل کر کام کر رہے ہیں اور جلد بہتری کے نتائج سامنے آئیں گے۔ اجلاس میں صوبائی وزرا، اعلیٰ افسران اور متعلقہ محکموں کے سربراہان نے شرکت کی۔ اس موقع پر بتایا گیا کہ ترقیاتی منصوبوں پر کام تیزی سے جاری ہے اور مقررہ مدت میں مکمل کر لیے جائیں گے۔ عوامی نمائندوں نے مطالبہ کیا کہ مہنگائی پر قابو پانے کے لیے مؤثر حکمت عملی اختیار کی جائے۔
وزیر اعظم نے کہا ہے کہ حکومت عوام کے مسائل کے حل کے لیے ہر ممکن اقدامات کر رہی ہے۔ انہوں نے کہا کہ ملک کی معیشت کو مستحکم بنانے کے لیے تمام ادارے مل کر کام کر رہے ہیں اور جلد بہتری کے نتائج سامنے آئیں گے۔ اجلاس میں صوبائی وزرا، اعلیٰ افسران اور متعلقہ محکموں کے سربراہان نے شرکت کی۔ اس موقع پر بتایا گیا کہ ترقیاتی منصوبوں پر کام تیزی سے جاری ہے اور مقررہ مدت میں مکمل کر لیے جائیں گے۔ عوامی نمائندوں نے مطالبہ کیا کہ مہنگائی پر قابو پانے کے لیے مؤثر حکمت عملی اختیار کی جائے۔
نئی بات
ہلاک چوہدری
30
وزیر اعظم نے کہا ہے کہ حکومت عوام کے مسائل کے حل کے لیے ہر ممکن اقدامات کر رہی ہے۔ انہوں نے کہا کہ ملک کی معیشت کو مستحکم بنانے کے لیے تمام ادارے مل کر کام کر رہے ہیں اور جلد بہتری کے نتائج سامنے آئیں گے۔ اجلاس میں صوبائی وزرا، اعلیٰ افسران اور متعلقہ محکموں کے سربراہان نے شرکت کی۔ اس موقع پر بتایا گیا کہ ترقیاتی منصوبوں پر کام تیزی سے جاری ہے اور مقررہ مدت میں مکمل کر لیے جائیں گے۔ عوامی نمائندوں نے مطالبہ کیا کہ مہنگائی پر قابو پانے کے لیے مؤثر حکمت عملی اختیار کی جائے۔
وزیر اعظم نے کہا ہے کہ حکومت عوام کے مسائل کے حل کے لیے ہر ممکن اقدامات کر رہی ہے۔ انہوں نے کہا کہ ملک کی معیشت کو مستحکم بنانے کے لیے تمام ادارے مل کر کام کر رہے ہیں اور جلد بہتری کے نتائج سامنے آئیں گے۔ اجلاس میں صوبائی وزرا، اعلیٰ افسران اور متعلقہ محکموں کے سربراہان نے شرکت کی۔ اس موقع پر بتایا گیا کہ ترقیاتی منصوبوں پر کام تیزی سے جاری ہے اور مقررہ مدت میں مکمل کر لیے جائیں گے۔ عوامی نمائندوں نے مطالبہ کیا کہ مہنگائی پر قابو پانے کے لیے مؤثر حکمت عملی اختیار کی جائے۔
نئی بات
گرفتار
31
وزیر اعظم نے کہا ہے کہ حکومت عوام کے مسائل کے حل کے لیے ہر ممکن اقدامات کر رہی ہے۔ انہوں نے کہا کہ ملک کی معیشت کو مستحکم بنانے کے لیے تمام ادارے مل کر کام کر رہے ہیں اور جلد بہتری کے نتائج سامنے آئیں گے۔ اجلاس میں صوبائی وزرا، اعلیٰ افسران اور متعلقہ محکموں کے سربراہان نے شرکت کی۔ اس موقع پر بتایا گیا کہ ترقیاتی منصوبوں پر کام تیزی سے جاری ہے اور مقررہ مدت میں مکمل کر لیے جائیں گے۔ عوامی نمائندوں نے مطالبہ کیا کہ مہنگائی پر قابو پانے کے لیے مؤثر حکمت عملی اختیار کی جائے۔
نئی بات
پاکی ساماں
32
وزیر اعظم نے کہا ہے کہ حکومت عوام کے مسائل کے حل کے لیے ہر ممکن اقدامات کر رہی ہے۔ انہوں نے کہا کہ ملک کی معیشت کو مستحکم بنانے کے لیے تمام ادارے مل کر کام کر رہے ہیں اور جلد بہتری کے نتائج سامنے آئیں گے۔ اجلاس میں صوبائی وزرا، اعلیٰ افسران اور متعلقہ محکموں کے سربراہان نے شرکت کی۔ اس موقع پر بتایا گیا کہ ترقیاتی منصوبوں پر کام تیزی سے جاری ہے اور مقررہ مدت میں مکمل کر لیے جائیں گے۔ عوامی نمائندوں نے مطالبہ کیا کہ مہنگائی پر قابو پانے کے لیے مؤثر حکمت عملی اختیار کی جائے۔
نئی بات
تعلیمی بورڈ
33
وزیر اعظم نے کہا ہے کہ حکومت عوام کے مسائل کے حل کے لیے ہر ممکن اقدامات کر رہی ہے۔ انہوں نے کہا کہ ملک کی معیشت کو مستحکم بنانے کے لیے تمام ادارے مل کر کام کر رہے ہیں اور جلد بہتری کے نتائج سامنے آئیں گے۔ اجلاس میں صوبائی وزرا، اعلیٰ افسران اور متعلقہ محکموں کے سربراہان نے شرکت کی۔ اس موقع پر بتایا گیا کہ ترقیاتی منصوبوں پر کام تیزی سے جاری ہے اور مقررہ مدت میں مکمل کر لیے جائیں گے۔ عوامی نمائندوں نے مطالبہ کیا کہ مہنگائی پر قابو پانے کے لیے مؤثر حکمت عملی اختیار کی جائے۔
وزیر اعظم نے کہا ہے کہ حکومت عوام کے مسائل کے حل کے لیے ہر ممکن اقدامات کر رہی ہے۔ انہوں نے کہا کہ ملک کی معیشت کو مستحکم بنانے کے لیے تمام ادارے مل کر کام کر رہے ہیں اور جلد بہتری کے نتائج سامنے آئیں گے۔ اجلاس میں صوبائی وزرا، اعلیٰ افسران اور متعلقہ محکموں کے سربراہان نے شرکت کی۔ اس موقع پر بتایا گیا کہ ترقیاتی منصوبوں پر کام تیزی سے جاری ہے اور مقررہ مدت میں مکمل کر لیے جائیں گے۔ عوامی نمائندوں نے مطالبہ کیا کہ مہنگائی پر قابو پانے کے لیے مؤثر حکمت عملی اختیار کی جائے۔
نئی بات
قائد اعظم
34
وزیر اعظم نے کہا ہے کہ حکومت عوام کے مسائل کے حل کے لیے ہر ممکن اقدامات کر رہی ہے۔ انہوں نے کہا کہ ملک کی معیشت کو مستحکم بنانے کے لیے تمام ادارے مل کر کام کر رہے ہیں اور جلد بہتری کے نتائج سامنے آئیں گے۔ اجلاس میں صوبائی وزرا، اعلیٰ افسران اور متعلقہ محکموں کے سربراہان نے شرکت کی۔ اس موقع پر بتایا گیا کہ ترقیاتی منصوبوں پر کام تیزی سے جاری ہے اور مقررہ مدت میں مکمل کر لیے جائیں گے۔ عوامی نمائندوں نے مطالبہ کیا کہ مہنگائی پر قابو پانے کے لیے مؤثر حکمت عملی اختیار کی جائے۔
وزیر اعظم نے کہا ہے کہ حکومت عوام کے مسائل کے حل کے لیے ہر ممکن اقدامات کر رہی ہے۔ انہوں نے کہا کہ ملک کی معیشت کو مستحکم بنانے کے لیے تمام ادارے مل کر کام کر رہے ہیں اور جلد بہتری کے نتائج سامنے آئیں گے۔ اجلاس میں صوبائی وزرا، اعلیٰ افسران اور متعلقہ محکموں کے سربراہان نے شرکت کی۔ اس موقع پر بتایا گیا کہ ترقیاتی منصوبوں پر کام تیزی سے جاری ہے اور مقررہ مدت میں مکمل کر لیے جائیں گے۔ عوامی نمائندوں نے مطالبہ کیا کہ مہنگائی پر قابو پانے کے لیے مؤثر حکمت عملی اختیار کی جائے۔
نئی بات
باکی نگی
35
وزیر اعظم نے کہا ہے کہ حکومت عوام کے مسائل کے حل کے لیے ہر ممکن اقدامات کر رہی ہے۔ انہوں نے کہا کہ ملک کی معیشت کو مستحکم بنانے کے لیے تمام ادارے مل کر کام کر رہے ہیں اور جلد بہتری کے نتائج سامنے آئیں گے۔ اجلاس میں صوبائی وزرا، اعلیٰ افسران اور متعلقہ محکموں کے سربراہان نے شرکت کی۔ اس موقع پر بتایا گیا کہ ترقیاتی منصوبوں پر کام تیزی سے جاری ہے اور مقررہ مدت میں مکمل کر لیے جائیں گے۔ عوامی نمائندوں نے مطالبہ کیا کہ مہنگائی پر قابو پانے کے لیے مؤثر حکمت عملی اختیار کی جائے۔
